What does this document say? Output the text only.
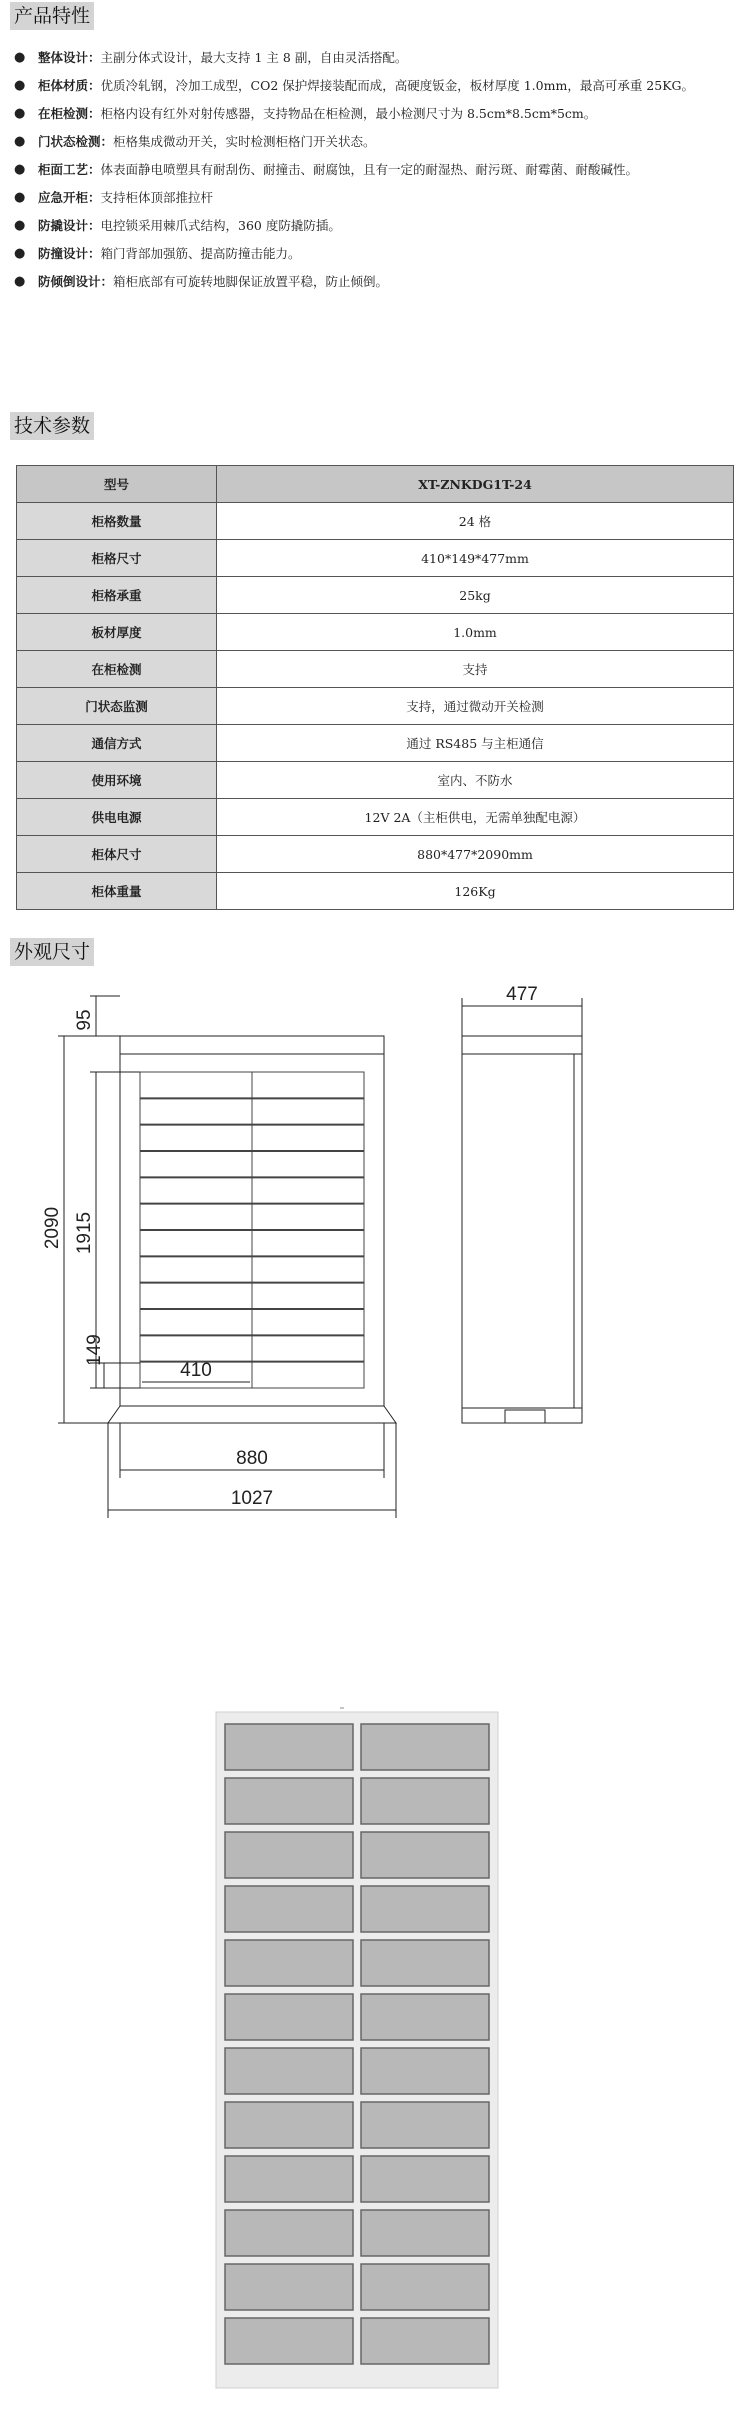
产品特性
● 整体设计：主副分体式设计，最大支持 1 主 8 副，自由灵活搭配。
● 柜体材质：优质冷轧钢，冷加工成型，CO2 保护焊接装配而成，高硬度钣金，板材厚度 1.0mm，最高可承重 25KG。
● 在柜检测：柜格内设有红外对射传感器，支持物品在柜检测，最小检测尺寸为 8.5cm*8.5cm*5cm。
● 门状态检测：柜格集成微动开关，实时检测柜格门开关状态。
● 柜面工艺：体表面静电喷塑具有耐刮伤、耐撞击、耐腐蚀，且有一定的耐湿热、耐污斑、耐霉菌、耐酸碱性。
● 应急开柜：支持柜体顶部推拉杆
● 防撬设计：电控锁采用棘爪式结构，360 度防撬防插。
● 防撞设计：箱门背部加强筋、提高防撞击能力。
● 防倾倒设计：箱柜底部有可旋转地脚保证放置平稳，防止倾倒。
技术参数
型号	XT-ZNKDG1T-24
柜格数量	24 格
柜格尺寸	410*149*477mm
柜格承重	25kg
板材厚度	1.0mm
在柜检测	支持
门状态监测	支持，通过微动开关检测
通信方式	通过 RS485 与主柜通信
使用环境	室内、不防水
供电电源	12V 2A（主柜供电，无需单独配电源）
柜体尺寸	880*477*2090mm
柜体重量	126Kg
外观尺寸
95
2090 1915
149
410
880
1027
477
